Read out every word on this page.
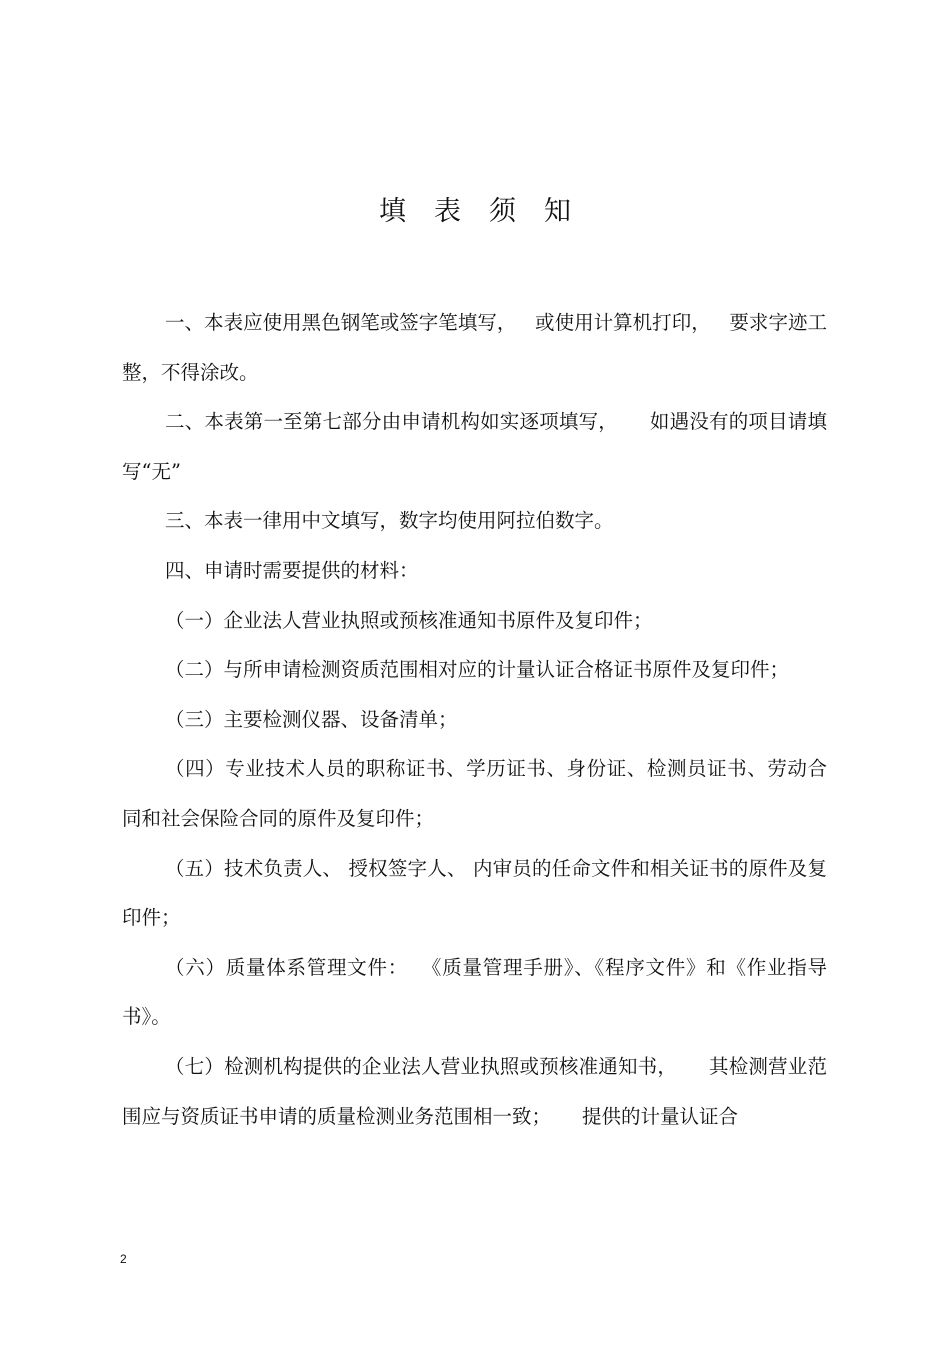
填表须知

一、本表应使用黑色钢笔或签字笔填写，   或使用计算机打印，   要求字迹工整，不得涂改。

二、本表第一至第七部分由申请机构如实逐项填写，     如遇没有的项目请填写“无”

三、本表一律用中文填写，数字均使用阿拉伯数字。

四、申请时需要提供的材料：

（一）企业法人营业执照或预核准通知书原件及复印件；

（二）与所申请检测资质范围相对应的计量认证合格证书原件及复印件；

（三）主要检测仪器、设备清单；

（四）专业技术人员的职称证书、学历证书、身份证、检测员证书、劳动合同和社会保险合同的原件及复印件；

（五）技术负责人、 授权签字人、 内审员的任命文件和相关证书的原件及复印件；

（六）质量体系管理文件：  《质量管理手册》、《程序文件》和《作业指导书》。

（七）检测机构提供的企业法人营业执照或预核准通知书，     其检测营业范围应与资质证书申请的质量检测业务范围相一致；     提供的计量认证合

2
